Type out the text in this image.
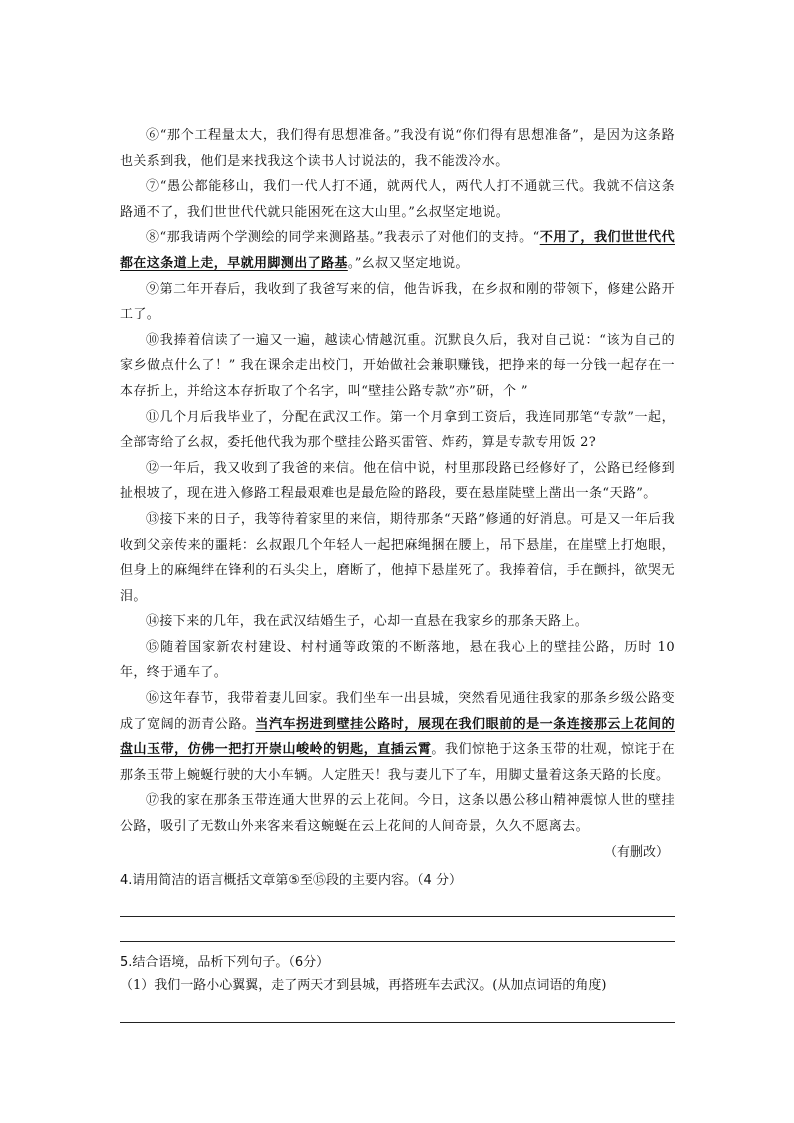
⑥“那个工程量太大，我们得有思想准备。”我没有说“你们得有思想准备”，是因为这条路也关系到我，他们是来找我这个读书人讨说法的，我不能泼冷水。

⑦“愚公都能移山，我们一代人打不通，就两代人，两代人打不通就三代。我就不信这条路通不了，我们世世代代就只能困死在这大山里。”幺叔坚定地说。

⑧“那我请两个学测绘的同学来测路基。”我表示了对他们的支持。“不用了，我们世世代代都在这条道上走，早就用脚测出了路基。”幺叔又坚定地说。

⑨第二年开春后，我收到了我爸写来的信，他告诉我，在乡叔和刚的带领下，修建公路开工了。

⑩我捧着信读了一遍又一遍，越读心情越沉重。沉默良久后，我对自己说：“该为自己的家乡做点什么了！” 我在课余走出校门，开始做社会兼职赚钱，把挣来的每一分钱一起存在一本存折上，并给这本存折取了个名字，叫“壁挂公路专款”亦”研，个 ”

⑪几个月后我毕业了，分配在武汉工作。第一个月拿到工资后，我连同那笔“专款”一起，全部寄给了幺叔，委托他代我为那个壁挂公路买雷管、炸药，算是专款专用饭 2?

⑫一年后，我又收到了我爸的来信。他在信中说，村里那段路已经修好了，公路已经修到扯根坡了，现在进入修路工程最艰难也是最危险的路段，要在悬崖陡壁上凿出一条“天路”。

⑬接下来的日子，我等待着家里的来信，期待那条“天路”修通的好消息。可是又一年后我收到父亲传来的噩耗：幺叔跟几个年轻人一起把麻绳捆在腰上，吊下悬崖，在崖壁上打炮眼，但身上的麻绳绊在锋利的石头尖上，磨断了，他掉下悬崖死了。我捧着信，手在颤抖，欲哭无泪。

⑭接下来的几年，我在武汉结婚生子，心却一直悬在我家乡的那条天路上。

⑮随着国家新农村建设、村村通等政策的不断落地，悬在我心上的壁挂公路，历时 10 年，终于通车了。

⑯这年春节，我带着妻儿回家。我们坐车一出县城，突然看见通往我家的那条乡级公路变成了宽阔的沥青公路。当汽车拐进到壁挂公路时，展现在我们眼前的是一条连接那云上花间的盘山玉带，仿佛一把打开崇山峻岭的钥匙，直插云霄。我们惊艳于这条玉带的壮观，惊诧于在那条玉带上蜿蜒行驶的大小车辆。人定胜天！我与妻儿下了车，用脚丈量着这条天路的长度。

⑰我的家在那条玉带连通大世界的云上花间。今日，这条以愚公移山精神震惊人世的壁挂公路，吸引了无数山外来客来看这蜿蜒在云上花间的人间奇景，久久不愿离去。

（有删改）

4.请用简洁的语言概括文章第⑤至⑮段的主要内容。（4 分）

5.结合语境，品析下列句子。（6分）

（1）我们一路小心翼翼，走了两天才到县城，再搭班车去武汉。(从加点词语的角度)
